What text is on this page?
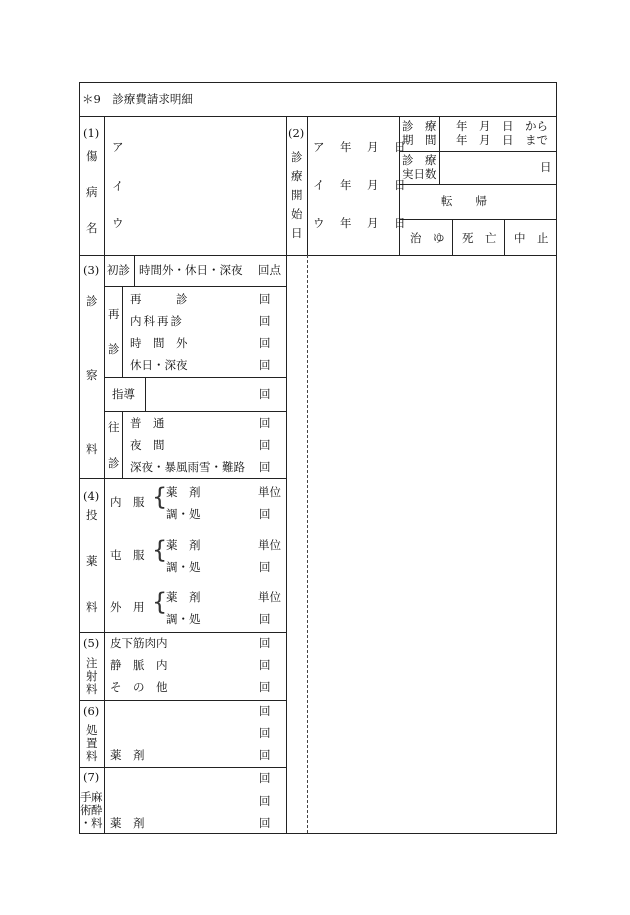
＊9　診療費請求明細
(1)
傷
病
名
ア
イ
ウ
(2)
診
療
開
始
日
ア　年　月　日
イ　年　月　日
ウ　年　月　日
診　療
期　間
年　月　日　から
年　月　日　まで
診　療
実日数	日
転　　帰
治　ゆ 死　亡 中　止
(3)
診
察
料
初診 時間外・休日・深夜 回点
再
診
再　　　診
内科再診
時　間　外
休日・深夜
回
回
回
回
指導	回
往
診
普　通
夜　間
深夜・暴風雨雪・難路
回
回
回
(4)
投
薬
料
内　服 {
薬　剤
調・処
単位
回
屯　服 {
薬　剤
調・処
単位
回
外　用 {
薬　剤
調・処
単位
回
(5)
注
射
料
皮下筋肉内
静　脈　内
そ　の　他
回
回
回
(6)
処
置
料 薬　剤
回
回
回
(7)
手
術
・
麻
酔
料 薬　剤
回
回
回
